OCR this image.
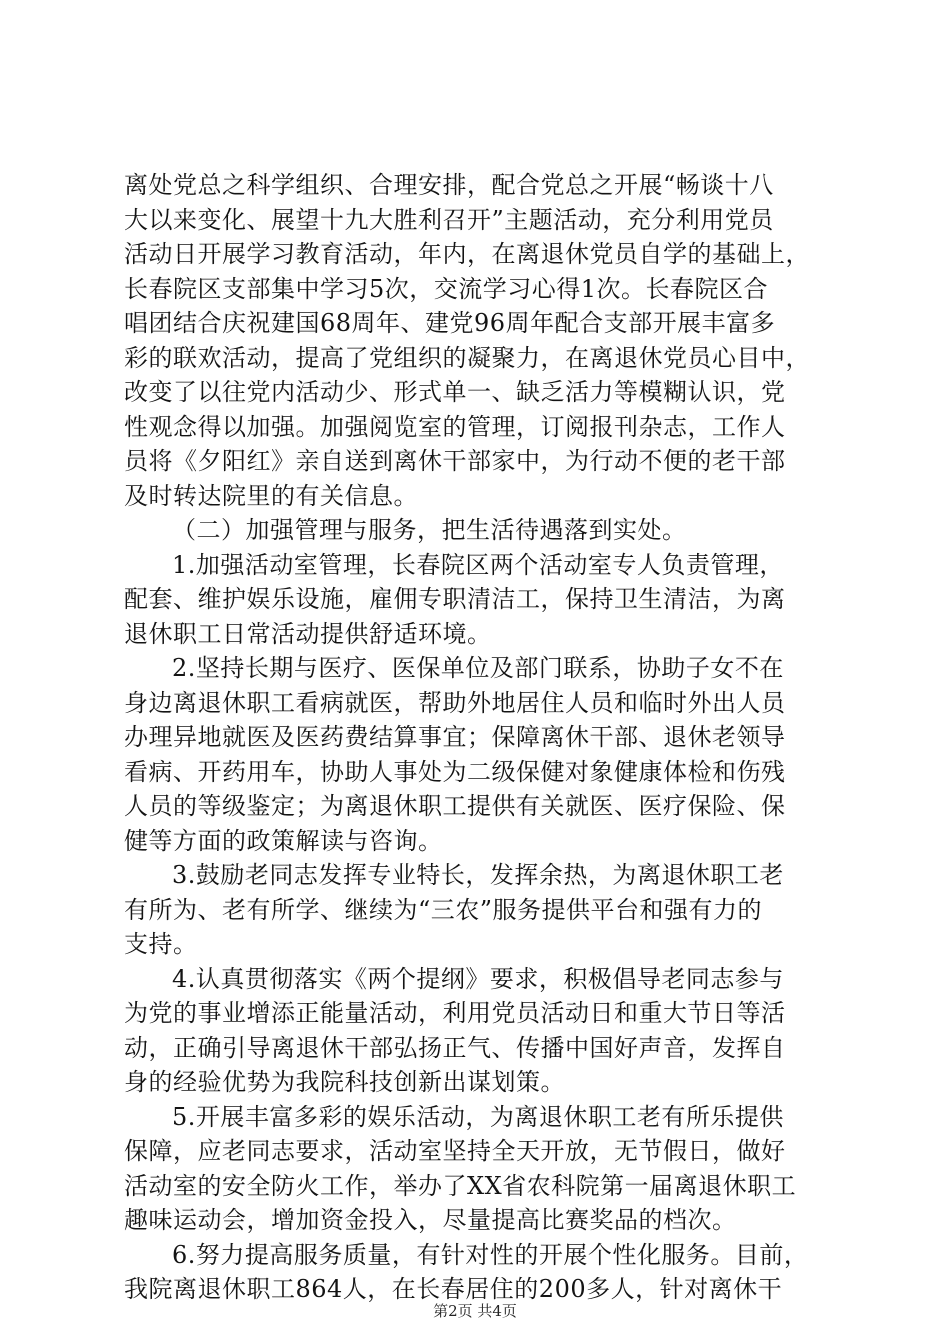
离处党总之科学组织、合理安排，配合党总之开展“畅谈十八
大以来变化、展望十九大胜利召开”主题活动，充分利用党员
活动日开展学习教育活动，年内，在离退休党员自学的基础上，
长春院区支部集中学习5次，交流学习心得1次。长春院区合
唱团结合庆祝建国68周年、建党96周年配合支部开展丰富多
彩的联欢活动，提高了党组织的凝聚力，在离退休党员心目中，
改变了以往党内活动少、形式单一、缺乏活力等模糊认识，党
性观念得以加强。加强阅览室的管理，订阅报刊杂志，工作人
员将《夕阳红》亲自送到离休干部家中，为行动不便的老干部
及时转达院里的有关信息。
（二）加强管理与服务，把生活待遇落到实处。
1.加强活动室管理，长春院区两个活动室专人负责管理，
配套、维护娱乐设施，雇佣专职清洁工，保持卫生清洁，为离
退休职工日常活动提供舒适环境。
2.坚持长期与医疗、医保单位及部门联系，协助子女不在
身边离退休职工看病就医，帮助外地居住人员和临时外出人员
办理异地就医及医药费结算事宜；保障离休干部、退休老领导
看病、开药用车，协助人事处为二级保健对象健康体检和伤残
人员的等级鉴定；为离退休职工提供有关就医、医疗保险、保
健等方面的政策解读与咨询。
3.鼓励老同志发挥专业特长，发挥余热，为离退休职工老
有所为、老有所学、继续为“三农”服务提供平台和强有力的
支持。
4.认真贯彻落实《两个提纲》要求，积极倡导老同志参与
为党的事业增添正能量活动，利用党员活动日和重大节日等活
动，正确引导离退休干部弘扬正气、传播中国好声音，发挥自
身的经验优势为我院科技创新出谋划策。
5.开展丰富多彩的娱乐活动，为离退休职工老有所乐提供
保障，应老同志要求，活动室坚持全天开放，无节假日，做好
活动室的安全防火工作，举办了XX省农科院第一届离退休职工
趣味运动会，增加资金投入，尽量提高比赛奖品的档次。
6.努力提高服务质量，有针对性的开展个性化服务。目前，
我院离退休职工864人，在长春居住的200多人，针对离休干
第2页 共4页
